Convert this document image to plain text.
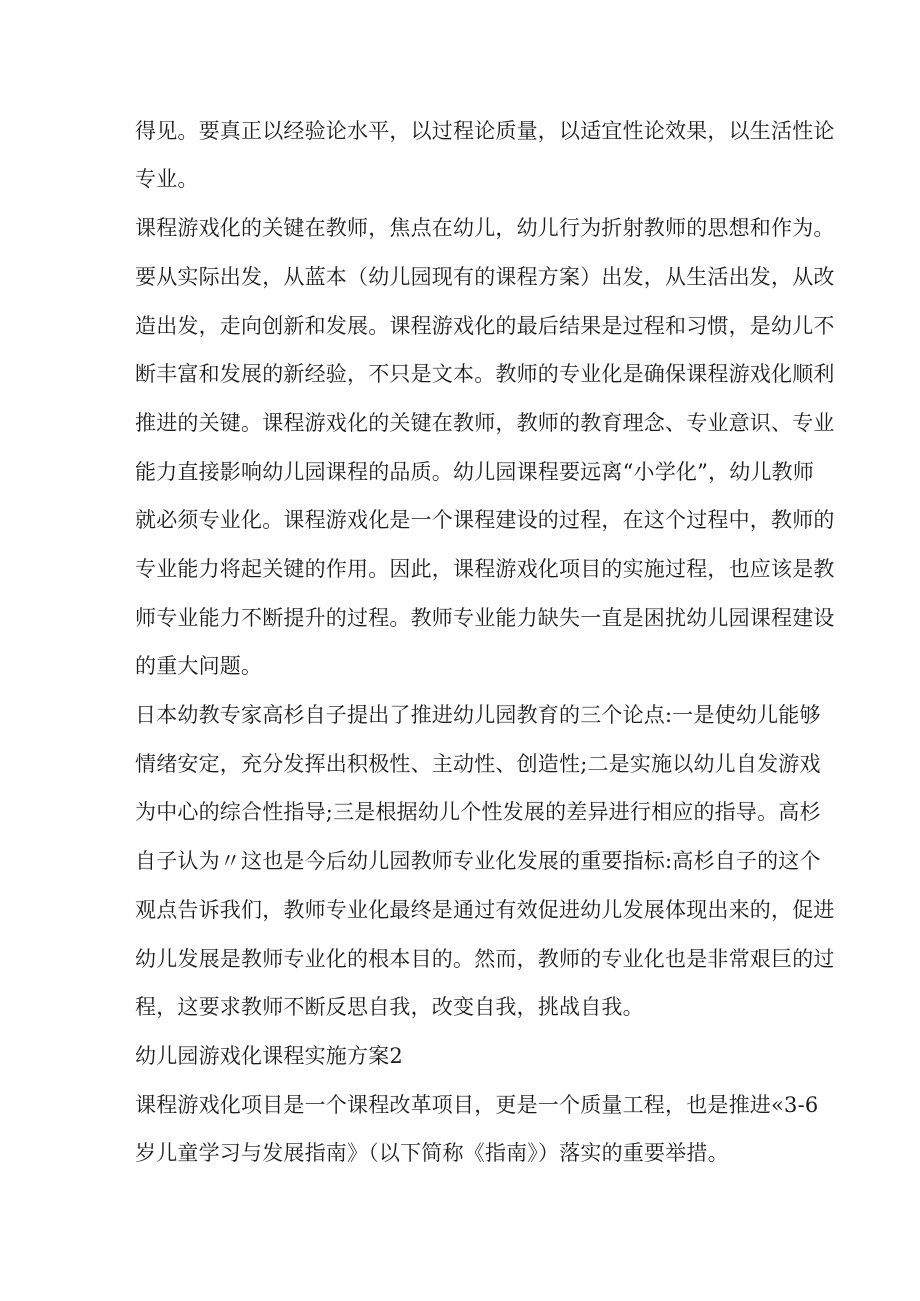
得见。要真正以经验论水平，以过程论质量，以适宜性论效果，以生活性论
专业。
课程游戏化的关键在教师，焦点在幼儿，幼儿行为折射教师的思想和作为。
要从实际出发，从蓝本（幼儿园现有的课程方案）出发，从生活出发，从改
造出发，走向创新和发展。课程游戏化的最后结果是过程和习惯，是幼儿不
断丰富和发展的新经验，不只是文本。教师的专业化是确保课程游戏化顺利
推进的关键。课程游戏化的关键在教师，教师的教育理念、专业意识、专业
能力直接影响幼儿园课程的品质。幼儿园课程要远离“小学化”，幼儿教师
就必须专业化。课程游戏化是一个课程建设的过程，在这个过程中，教师的
专业能力将起关键的作用。因此，课程游戏化项目的实施过程，也应该是教
师专业能力不断提升的过程。教师专业能力缺失一直是困扰幼儿园课程建设
的重大问题。
日本幼教专家高杉自子提出了推进幼儿园教育的三个论点:一是使幼儿能够
情绪安定，充分发挥出积极性、主动性、创造性;二是实施以幼儿自发游戏
为中心的综合性指导;三是根据幼儿个性发展的差异进行相应的指导。高杉
自子认为〃这也是今后幼儿园教师专业化发展的重要指标:高杉自子的这个
观点告诉我们，教师专业化最终是通过有效促进幼儿发展体现出来的，促进
幼儿发展是教师专业化的根本目的。然而，教师的专业化也是非常艰巨的过
程，这要求教师不断反思自我，改变自我，挑战自我。
幼儿园游戏化课程实施方案2
课程游戏化项目是一个课程改革项目，更是一个质量工程，也是推进«3-6
岁儿童学习与发展指南》（以下简称《指南》）落实的重要举措。
